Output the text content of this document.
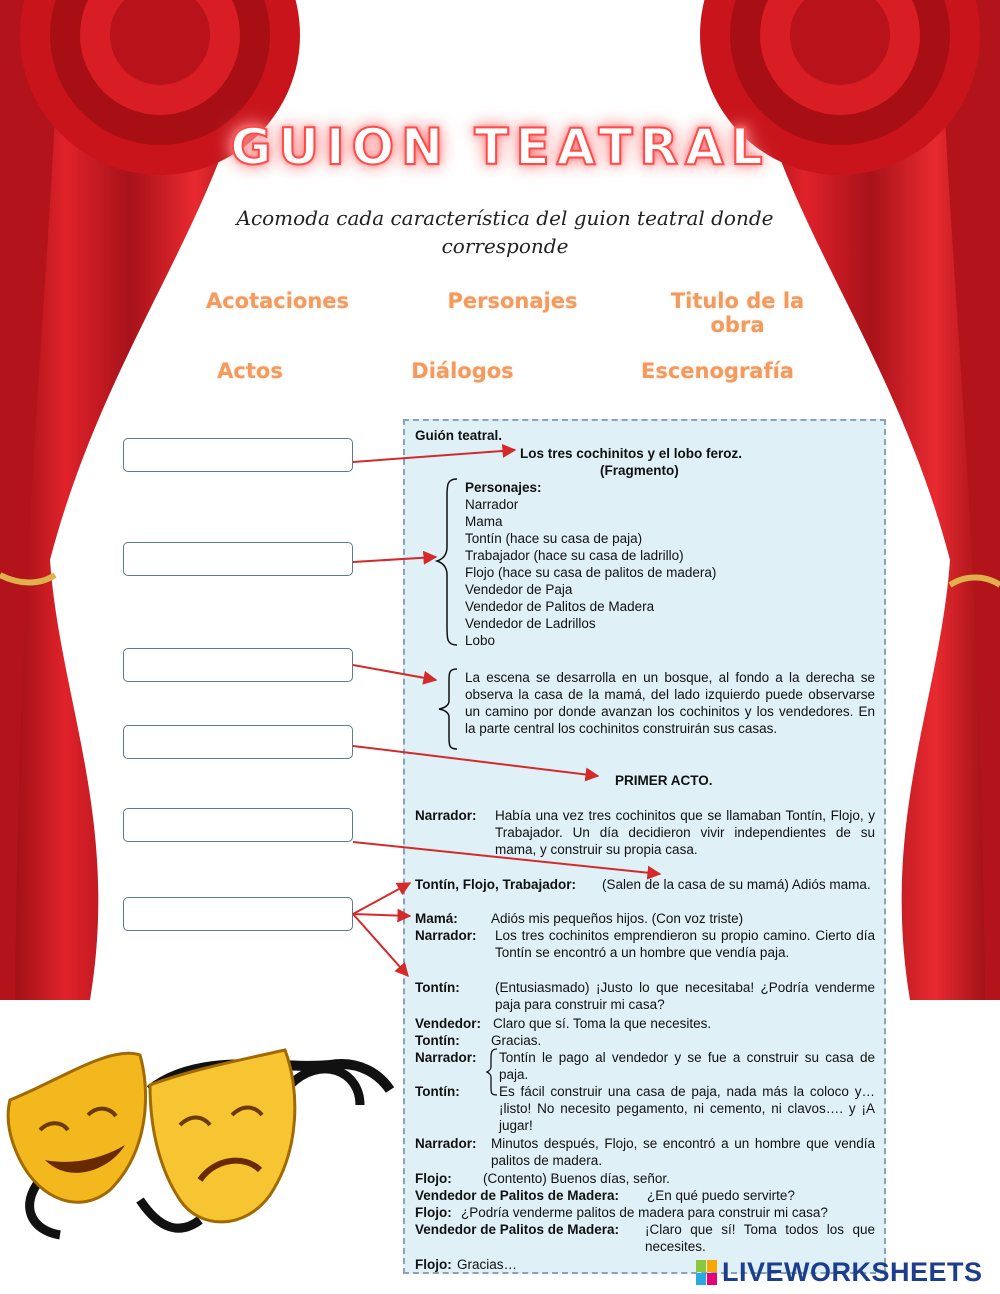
GUION TEATRAL
Acomoda cada característica del guion teatral donde corresponde
Acotaciones	Personajes	Titulo de la
obra
Actos	Diálogos	Escenografía
Guión teatral.
Los tres cochinitos y el lobo feroz.
(Fragmento)
Personajes:
Narrador
Mama
Tontín (hace su casa de paja)
Trabajador (hace su casa de ladrillo)
Flojo (hace su casa de palitos de madera)
Vendedor de Paja
Vendedor de Palitos de Madera
Vendedor de Ladrillos
Lobo
La escena se desarrolla en un bosque, al fondo a la derecha se observa la casa de la mamá, del lado izquierdo puede observarse un camino por donde avanzan los cochinitos y los vendedores. En la parte central los cochinitos construirán sus casas.
PRIMER ACTO.
Narrador: Había una vez tres cochinitos que se llamaban Tontín, Flojo, y Trabajador. Un día decidieron vivir independientes de su mama, y construir su propia casa.
Tontín, Flojo, Trabajador: (Salen de la casa de su mamá) Adiós mama.
Mamá: Adiós mis pequeños hijos. (Con voz triste)
Narrador: Los tres cochinitos emprendieron su propio camino. Cierto día Tontín se encontró a un hombre que vendía paja.
Tontín:	(Entusiasmado) ¡Justo lo que necesitaba! ¿Podría venderme paja para construir mi casa?
Vendedor: Claro que sí. Toma la que necesites.
Tontín: Gracias.
Narrador: Tontín le pago al vendedor y se fue a construir su casa de paja.
Tontín:	Es fácil construir una casa de paja, nada más la coloco y… ¡listo! No necesito pegamento, ni cemento, ni clavos…. y ¡A jugar!
Narrador: Minutos después, Flojo, se encontró a un hombre que vendía palitos de madera.
Flojo: (Contento) Buenos días, señor.
Vendedor de Palitos de Madera: ¿En qué puedo servirte?
Flojo: ¿Podría venderme palitos de madera para construir mi casa?
Vendedor de Palitos de Madera: ¡Claro que sí! Toma todos los que necesites.
Flojo: Gracias…	LIVEWORKSHEETS
